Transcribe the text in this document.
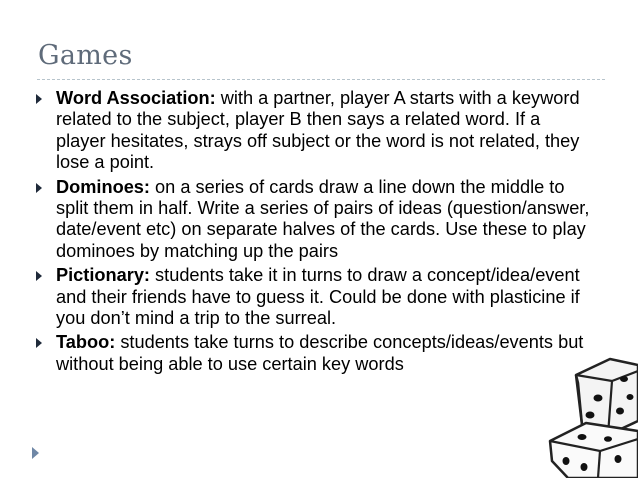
Games
Word Association: with a partner, player A starts with a keyword related to the subject, player B then says a related word. If a player hesitates, strays off subject or the word is not related, they lose a point.
Dominoes: on a series of cards draw a line down the middle to split them in half. Write a series of pairs of ideas (question/answer, date/event etc) on separate halves of the cards. Use these to play dominoes by matching up the pairs
Pictionary: students take it in turns to draw a concept/idea/event and their friends have to guess it. Could be done with plasticine if you don’t mind a trip to the surreal.
Taboo: students take turns to describe concepts/ideas/events but without being able to use certain key words
